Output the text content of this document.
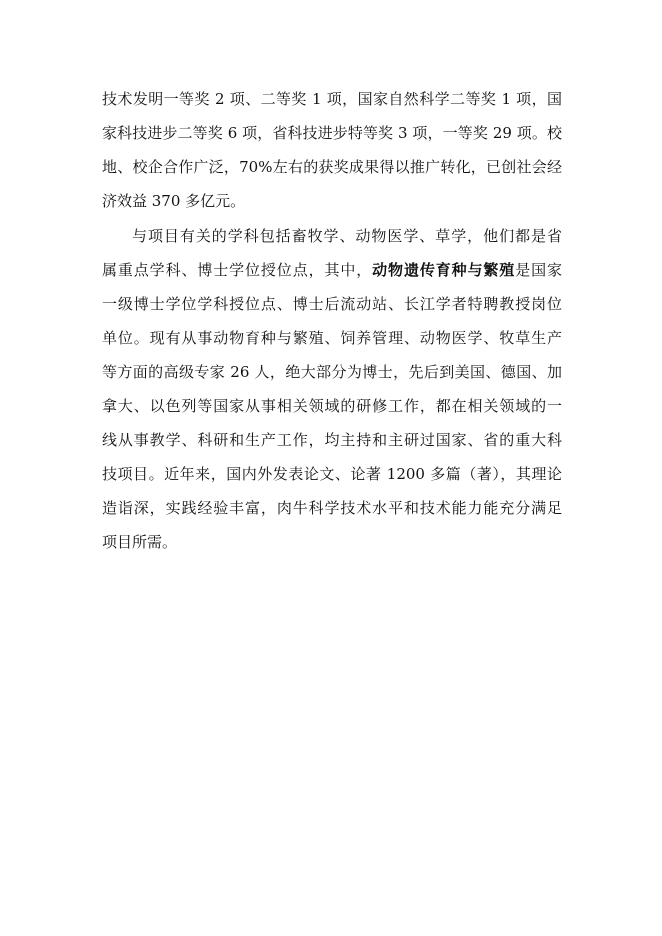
技术发明一等奖 2 项、二等奖 1 项，国家自然科学二等奖 1 项，国
家科技进步二等奖 6 项，省科技进步特等奖 3 项，一等奖 29 项。校
地、校企合作广泛，70%左右的获奖成果得以推广转化，已创社会经
济效益 370 多亿元。
与项目有关的学科包括畜牧学、动物医学、草学，他们都是省
属重点学科、博士学位授位点，其中，动物遗传育种与繁殖是国家
一级博士学位学科授位点、博士后流动站、长江学者特聘教授岗位
单位。现有从事动物育种与繁殖、饲养管理、动物医学、牧草生产
等方面的高级专家 26 人，绝大部分为博士，先后到美国、德国、加
拿大、以色列等国家从事相关领域的研修工作，都在相关领域的一
线从事教学、科研和生产工作，均主持和主研过国家、省的重大科
技项目。近年来，国内外发表论文、论著 1200 多篇（著），其理论
造诣深，实践经验丰富，肉牛科学技术水平和技术能力能充分满足
项目所需。
